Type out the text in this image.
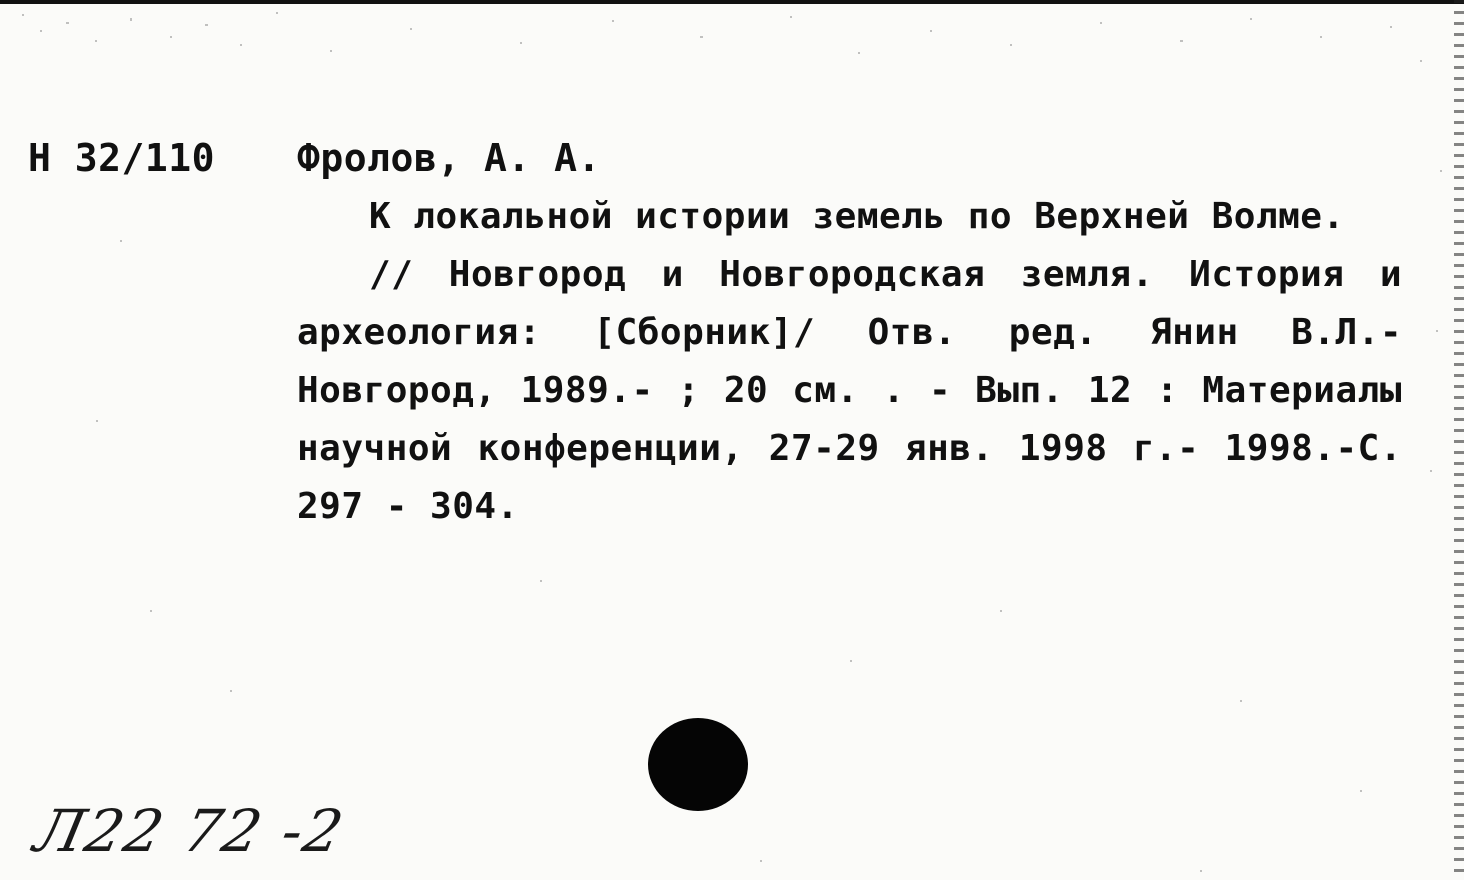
Н 32/110 Фролов, А. А.
К локальной истории земель по Верхней Волме.
// Новгород и Новгородская земля. История и археология: [Сборник]/ Отв. ред. Янин В.Л.- Новгород, 1989.- ; 20 см. . - Вып. 12 : Материалы научной конференции, 27-29 янв. 1998 г.- 1998.-С. 297 - 304.
Л22 72 -2
